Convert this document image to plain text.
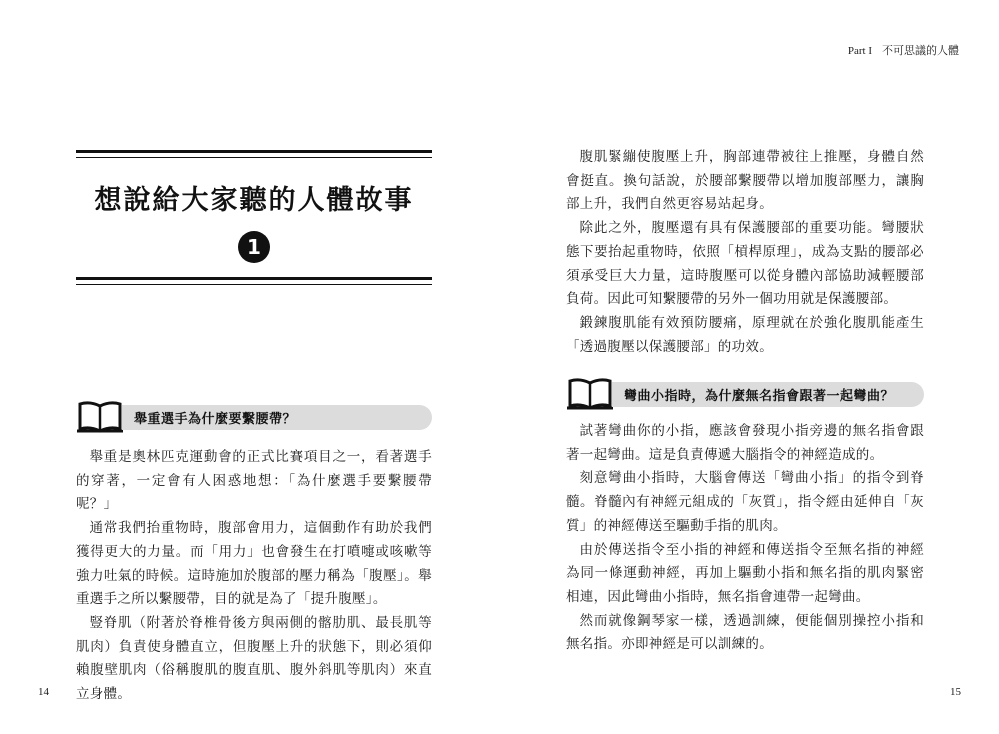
Part I 不可思議的人體
想說給大家聽的人體故事
1
舉重選手為什麼要繫腰帶？

舉重是奧林匹克運動會的正式比賽項目之一，看著選手的穿著，一定會有人困惑地想：「為什麼選手要繫腰帶呢？」

通常我們抬重物時，腹部會用力，這個動作有助於我們獲得更大的力量。而「用力」也會發生在打噴嚏或咳嗽等強力吐氣的時候。這時施加於腹部的壓力稱為「腹壓」。舉重選手之所以繫腰帶，目的就是為了「提升腹壓」。

豎脊肌（附著於脊椎骨後方與兩側的髂肋肌、最長肌等肌肉）負責使身體直立，但腹壓上升的狀態下，則必須仰賴腹壁肌肉（俗稱腹肌的腹直肌、腹外斜肌等肌肉）來直立身體。

腹肌緊繃使腹壓上升，胸部連帶被往上推壓，身體自然會挺直。換句話說，於腰部繫腰帶以增加腹部壓力，讓胸部上升，我們自然更容易站起身。

除此之外，腹壓還有具有保護腰部的重要功能。彎腰狀態下要抬起重物時，依照「槓桿原理」，成為支點的腰部必須承受巨大力量，這時腹壓可以從身體內部協助減輕腰部負荷。因此可知繫腰帶的另外一個功用就是保護腰部。

鍛鍊腹肌能有效預防腰痛，原理就在於強化腹肌能產生「透過腹壓以保護腰部」的功效。

彎曲小指時，為什麼無名指會跟著一起彎曲？

試著彎曲你的小指，應該會發現小指旁邊的無名指會跟著一起彎曲。這是負責傳遞大腦指令的神經造成的。

刻意彎曲小指時，大腦會傳送「彎曲小指」的指令到脊髓。脊髓內有神經元組成的「灰質」，指令經由延伸自「灰質」的神經傳送至驅動手指的肌肉。

由於傳送指令至小指的神經和傳送指令至無名指的神經為同一條運動神經，再加上驅動小指和無名指的肌肉緊密相連，因此彎曲小指時，無名指會連帶一起彎曲。

然而就像鋼琴家一樣，透過訓練，便能個別操控小指和無名指。亦即神經是可以訓練的。

14	15
